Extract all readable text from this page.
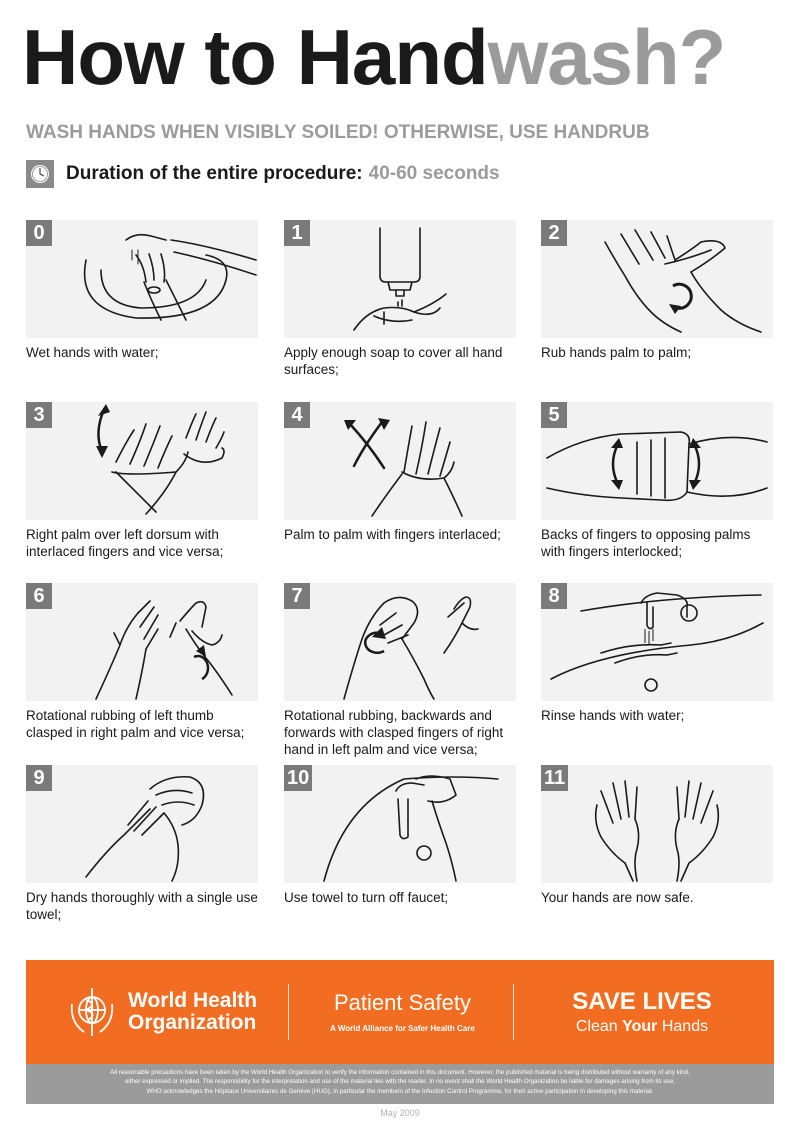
How to Handwash?

WASH HANDS WHEN VISIBLY SOILED! OTHERWISE, USE HANDRUB

Duration of the entire procedure: 40-60 seconds
0
Wet hands with water;
1
Apply enough soap to cover all hand surfaces;
2
Rub hands palm to palm;
3
Right palm over left dorsum with interlaced fingers and vice versa;
4
Palm to palm with fingers interlaced;
5
Backs of fingers to opposing palms with fingers interlocked;
6
Rotational rubbing of left thumb clasped in right palm and vice versa;
7
Rotational rubbing, backwards and forwards with clasped fingers of right hand in left palm and vice versa;
8
Rinse hands with water;
9
Dry hands thoroughly with a single use towel;
10
Use towel to turn off faucet;
11
Your hands are now safe.
World Health
Organization
Patient Safety
A World Alliance for Safer Health Care
SAVE LIVES
Clean Your Hands
All reasonable precautions have been taken by the World Health Organization to verify the information contained in this document. However, the published material is being distributed without warranty of any kind,
either expressed or implied. The responsibility for the interpretation and use of the material lies with the reader. In no event shall the World Health Organization be liable for damages arising from its use.
WHO acknowledges the Hôpitaux Universitaires de Genève (HUG), in particular the members of the Infection Control Programme, for their active participation in developing this material.
May 2009
